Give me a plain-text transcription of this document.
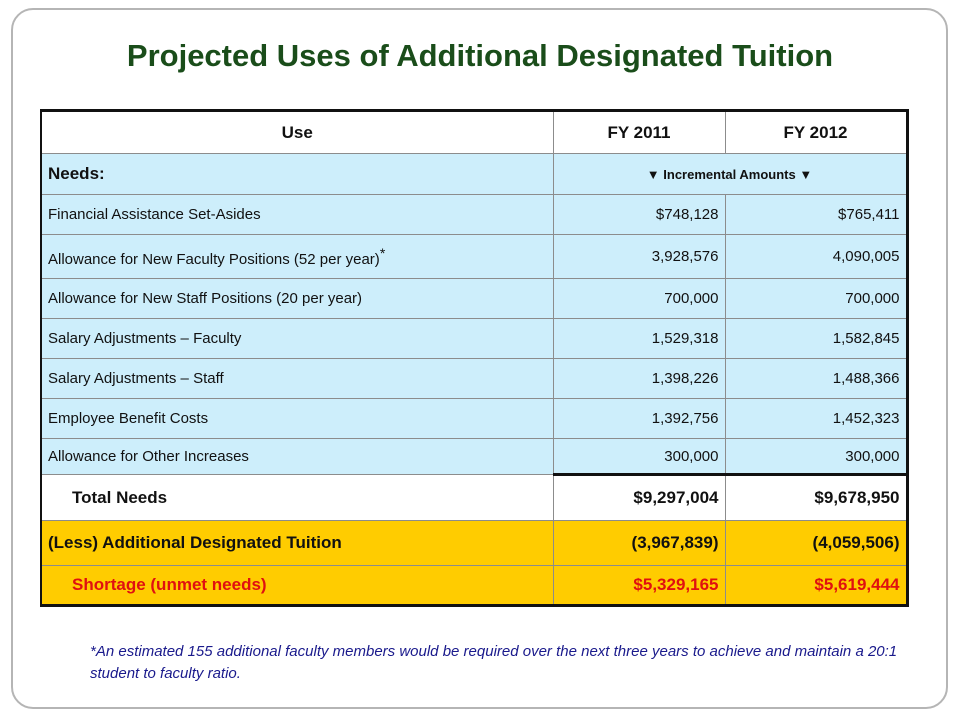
Projected Uses of Additional Designated Tuition
Use	FY 2011	FY 2012
Needs:	▼ Incremental Amounts ▼	
Financial Assistance Set-Asides	$748,128	$765,411
Allowance for New Faculty Positions (52 per year)*	3,928,576	4,090,005
Allowance for New Staff Positions (20 per year)	700,000	700,000
Salary Adjustments – Faculty	1,529,318	1,582,845
Salary Adjustments – Staff	1,398,226	1,488,366
Employee Benefit Costs	1,392,756	1,452,323
Allowance for Other Increases	300,000	300,000
Total Needs	$9,297,004	$9,678,950
(Less) Additional Designated Tuition	(3,967,839)	(4,059,506)
Shortage (unmet needs)	$5,329,165	$5,619,444
*An estimated 155 additional faculty members would be required over the next three years to achieve and maintain a 20:1 student to faculty ratio.
